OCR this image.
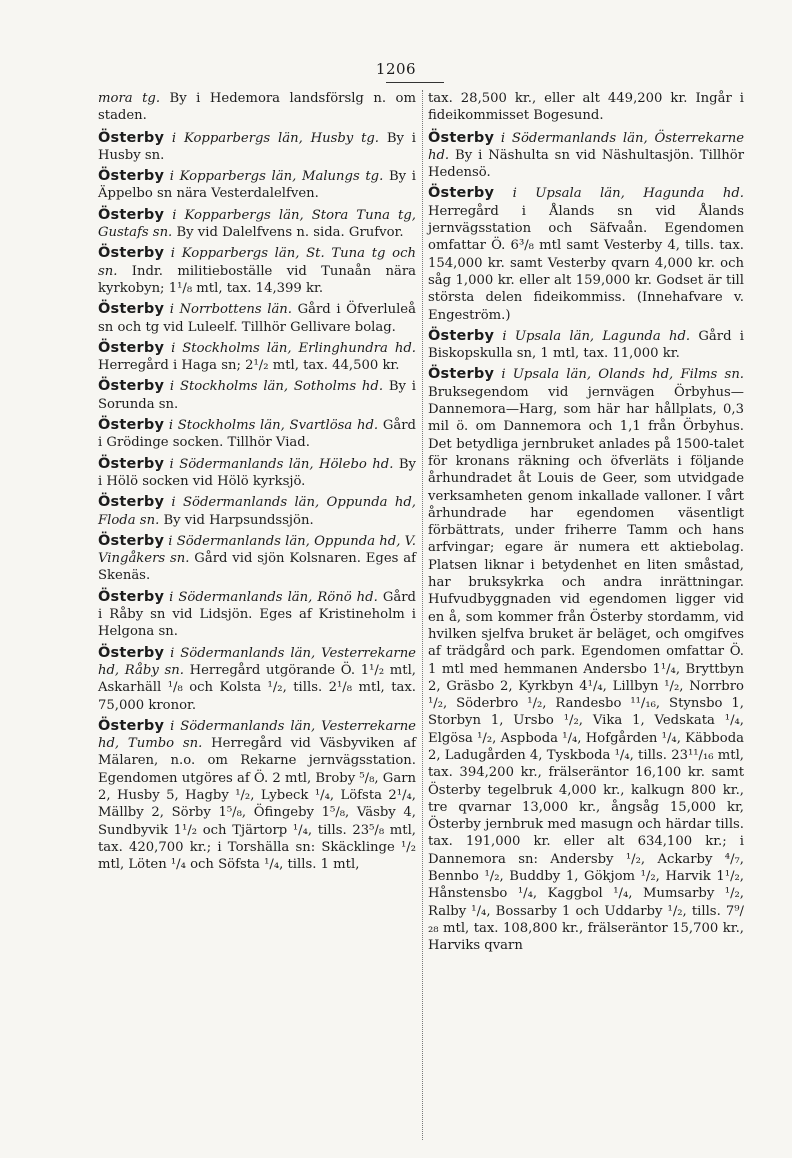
1206

mora tg. By i Hedemora landsförslg n. om staden.

Österby i Kopparbergs län, Husby tg. By i Husby sn.

Österby i Kopparbergs län, Malungs tg. By i Äppelbo sn nära Vesterdalelfven.

Österby i Kopparbergs län, Stora Tuna tg, Gustafs sn. By vid Dalelfvens n. sida. Grufvor.

Österby i Kopparbergs län, St. Tuna tg och sn. Indr. militieboställe vid Tunaån nära kyrkobyn; 1¹/₈ mtl, tax. 14,399 kr.

Österby i Norrbottens län. Gård i Öfverluleå sn och tg vid Luleelf. Tillhör Gellivare bolag.

Österby i Stockholms län, Erlinghundra hd. Herregård i Haga sn; 2¹/₂ mtl, tax. 44,500 kr.

Österby i Stockholms län, Sotholms hd. By i Sorunda sn.

Österby i Stockholms län, Svartlösa hd. Gård i Grödinge socken. Tillhör Viad.

Österby i Södermanlands län, Hölebo hd. By i Hölö socken vid Hölö kyrksjö.

Österby i Södermanlands län, Oppunda hd, Floda sn. By vid Harpsundssjön.

Österby i Södermanlands län, Oppunda hd, V. Vingåkers sn. Gård vid sjön Kolsnaren. Eges af Skenäs.

Österby i Södermanlands län, Rönö hd. Gård i Råby sn vid Lidsjön. Eges af Kristineholm i Helgona sn.

Österby i Södermanlands län, Vesterrekarne hd, Råby sn. Herregård utgörande Ö. 1¹/₂ mtl, Askarhäll ¹/₈ och Kolsta ¹/₂, tills. 2¹/₈ mtl, tax. 75,000 kronor.

Österby i Södermanlands län, Vesterrekarne hd, Tumbo sn. Herregård vid Väsbyviken af Mälaren, n.o. om Rekarne jernvägsstation. Egendomen utgöres af Ö. 2 mtl, Broby ⁵/₈, Garn 2, Husby 5, Hagby ¹/₂, Lybeck ¹/₄, Löfsta 2¹/₄, Mällby 2, Sörby 1⁵/₈, Öfingeby 1⁵/₈, Väsby 4, Sundbyvik 1¹/₂ och Tjärtorp ¹/₄, tills. 23⁵/₈ mtl, tax. 420,700 kr.; i Torshälla sn: Skäcklinge ¹/₂ mtl, Löten ¹/₄ och Söfsta ¹/₄, tills. 1 mtl,

tax. 28,500 kr., eller alt 449,200 kr. Ingår i fideikommisset Bogesund.

Österby i Södermanlands län, Österrekarne hd. By i Näshulta sn vid Näshultasjön. Tillhör Hedensö.

Österby i Upsala län, Hagunda hd. Herregård i Ålands sn vid Ålands jernvägsstation och Säfvaån. Egendomen omfattar Ö. 6³/₈ mtl samt Vesterby 4, tills. tax. 154,000 kr. samt Vesterby qvarn 4,000 kr. och såg 1,000 kr. eller alt 159,000 kr. Godset är till största delen fideikommiss. (Innehafvare v. Engeström.)

Österby i Upsala län, Lagunda hd. Gård i Biskopskulla sn, 1 mtl, tax. 11,000 kr.

Österby i Upsala län, Olands hd, Films sn. Bruksegendom vid jernvägen Örbyhus—Dannemora—Harg, som här har hållplats, 0,3 mil ö. om Dannemora och 1,1 från Örbyhus. Det betydliga jernbruket anlades på 1500-talet för kronans räkning och öfverläts i följande århundradet åt Louis de Geer, som utvidgade verksamheten genom inkallade valloner. I vårt århundrade har egendomen väsentligt förbättrats, under friherre Tamm och hans arfvingar; egare är numera ett aktiebolag. Platsen liknar i betydenhet en liten småstad, har bruksykrka och andra inrättningar. Hufvudbyggnaden vid egendomen ligger vid en å, som kommer från Österby stordamm, vid hvilken sjelfva bruket är beläget, och omgifves af trädgård och park. Egendomen omfattar Ö. 1 mtl med hemmanen Andersbo 1¹/₄, Bryttbyn 2, Gräsbo 2, Kyrkbyn 4¹/₄, Lillbyn ¹/₂, Norrbro ¹/₂, Söderbro ¹/₂, Randesbo ¹¹/₁₆, Stynsbo 1, Storbyn 1, Ursbo ¹/₂, Vika 1, Vedskata ¹/₄, Elgösa ¹/₂, Aspboda ¹/₄, Hofgården ¹/₄, Käbboda 2, Ladugården 4, Tyskboda ¹/₄, tills. 23¹¹/₁₆ mtl, tax. 394,200 kr., frälseräntor 16,100 kr. samt Österby tegelbruk 4,000 kr., kalkugn 800 kr., tre qvarnar 13,000 kr., ångsåg 15,000 kr, Österby jernbruk med masugn och härdar tills. tax. 191,000 kr. eller alt 634,100 kr.; i Dannemora sn: Andersby ¹/₂, Ackarby ⁴/₇, Bennbo ¹/₂, Buddby 1, Gökjom ¹/₂, Harvik 1¹/₂, Hånstensbo ¹/₄, Kaggbol ¹/₄, Mumsarby ¹/₂, Ralby ¹/₄, Bossarby 1 och Uddarby ¹/₂, tills. 7⁹/₂₈ mtl, tax. 108,800 kr., frälseräntor 15,700 kr., Harviks qvarn
